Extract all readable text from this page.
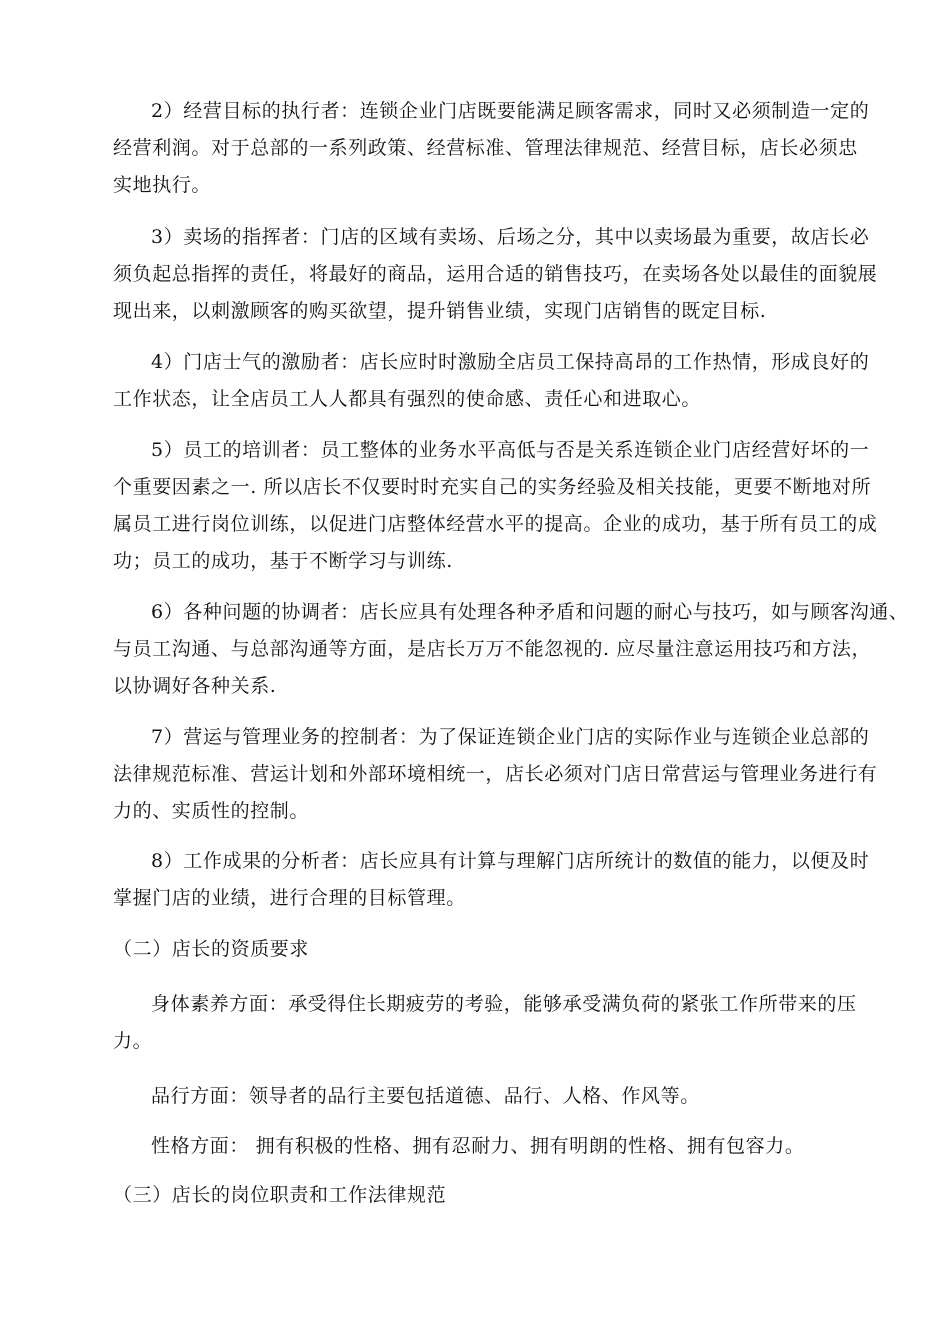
2）经营目标的执行者：连锁企业门店既要能满足顾客需求，同时又必须制造一定的
经营利润。对于总部的一系列政策、经营标准、管理法律规范、经营目标，店长必须忠
实地执行。
3）卖场的指挥者：门店的区域有卖场、后场之分，其中以卖场最为重要，故店长必
须负起总指挥的责任，将最好的商品，运用合适的销售技巧，在卖场各处以最佳的面貌展
现出来，以刺激顾客的购买欲望，提升销售业绩，实现门店销售的既定目标.
4）门店士气的激励者：店长应时时激励全店员工保持高昂的工作热情，形成良好的
工作状态，让全店员工人人都具有强烈的使命感、责任心和进取心。
5）员工的培训者：员工整体的业务水平高低与否是关系连锁企业门店经营好坏的一
个重要因素之一. 所以店长不仅要时时充实自己的实务经验及相关技能，更要不断地对所
属员工进行岗位训练，以促进门店整体经营水平的提高。企业的成功，基于所有员工的成
功；员工的成功，基于不断学习与训练.
6）各种问题的协调者：店长应具有处理各种矛盾和问题的耐心与技巧，如与顾客沟通、
与员工沟通、与总部沟通等方面，是店长万万不能忽视的. 应尽量注意运用技巧和方法，
以协调好各种关系.
7）营运与管理业务的控制者：为了保证连锁企业门店的实际作业与连锁企业总部的
法律规范标准、营运计划和外部环境相统一，店长必须对门店日常营运与管理业务进行有
力的、实质性的控制。
8）工作成果的分析者：店长应具有计算与理解门店所统计的数值的能力，以便及时
掌握门店的业绩，进行合理的目标管理。
（二）店长的资质要求
身体素养方面：承受得住长期疲劳的考验，能够承受满负荷的紧张工作所带来的压
力。
品行方面：领导者的品行主要包括道德、品行、人格、作风等。
性格方面： 拥有积极的性格、拥有忍耐力、拥有明朗的性格、拥有包容力。
（三）店长的岗位职责和工作法律规范
